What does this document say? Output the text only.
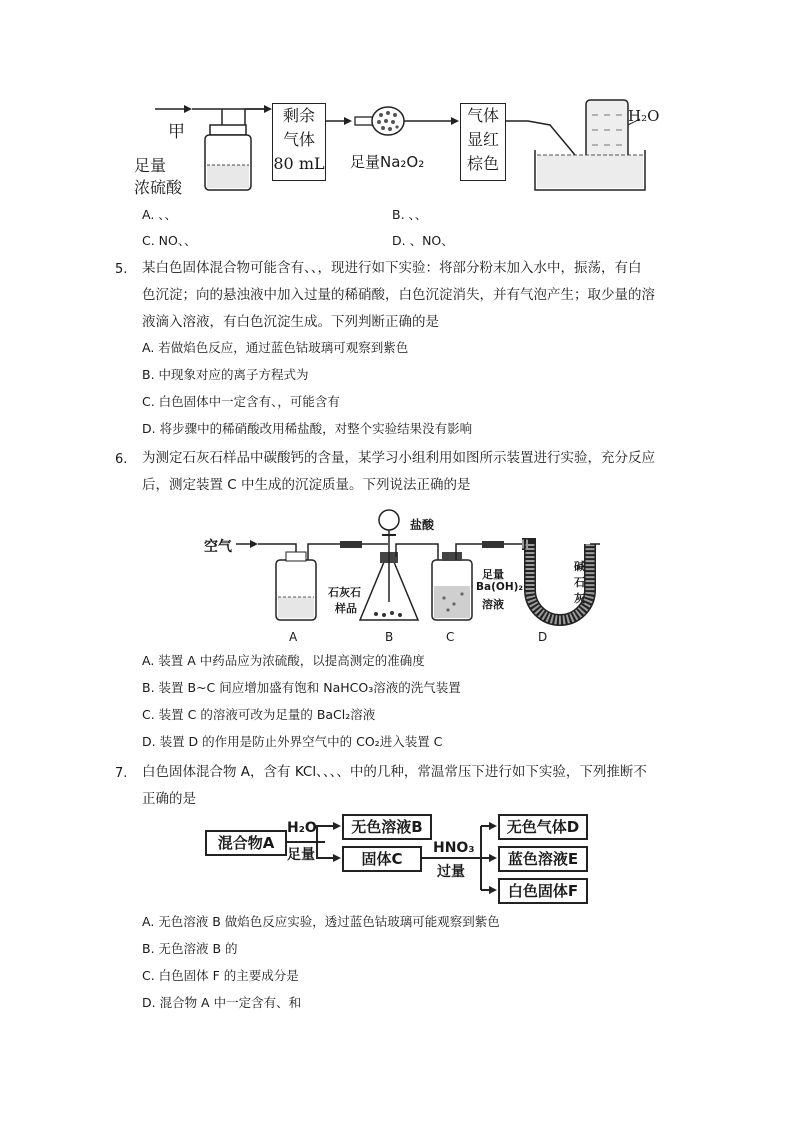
甲
足量
浓硫酸
剩余
气体
80 mL 足量Na₂O₂
气体
显红
棕色
H₂O
A. 、、	B. 、、
C. NO、、	D. 、NO、
5. 某白色固体混合物可能含有、、，现进行如下实验：将部分粉末加入水中，振荡，有白
色沉淀；向的悬浊液中加入过量的稀硝酸，白色沉淀消失，并有气泡产生；取少量的溶
液滴入溶液，有白色沉淀生成。下列判断正确的是
A. 若做焰色反应，通过蓝色钴玻璃可观察到紫色
B. 中现象对应的离子方程式为
C. 白色固体中一定含有、，可能含有
D. 将步骤中的稀硝酸改用稀盐酸，对整个实验结果没有影响
6. 为测定石灰石样品中碳酸钙的含量，某学习小组利用如图所示装置进行实验，充分反应
后，测定装置 C 中生成的沉淀质量。下列说法正确的是
空气
盐酸
石灰石
样品
足量
Ba(OH)₂
溶液
碱
石
灰
A	B	C	D
A. 装置 A 中药品应为浓硫酸，以提高测定的准确度
B. 装置 B~C 间应增加盛有饱和 NaHCO₃溶液的洗气装置
C. 装置 C 的溶液可改为足量的 BaCl₂溶液
D. 装置 D 的作用是防止外界空气中的 CO₂进入装置 C
7. 白色固体混合物 A，含有 KCl、、、、中的几种，常温常压下进行如下实验，下列推断不
正确的是
混合物A
H₂O
足量
无色溶液B
固体C
HNO₃
过量
无色气体D
蓝色溶液E
白色固体F
A. 无色溶液 B 做焰色反应实验，透过蓝色钴玻璃可能观察到紫色
B. 无色溶液 B 的
C. 白色固体 F 的主要成分是
D. 混合物 A 中一定含有、和
